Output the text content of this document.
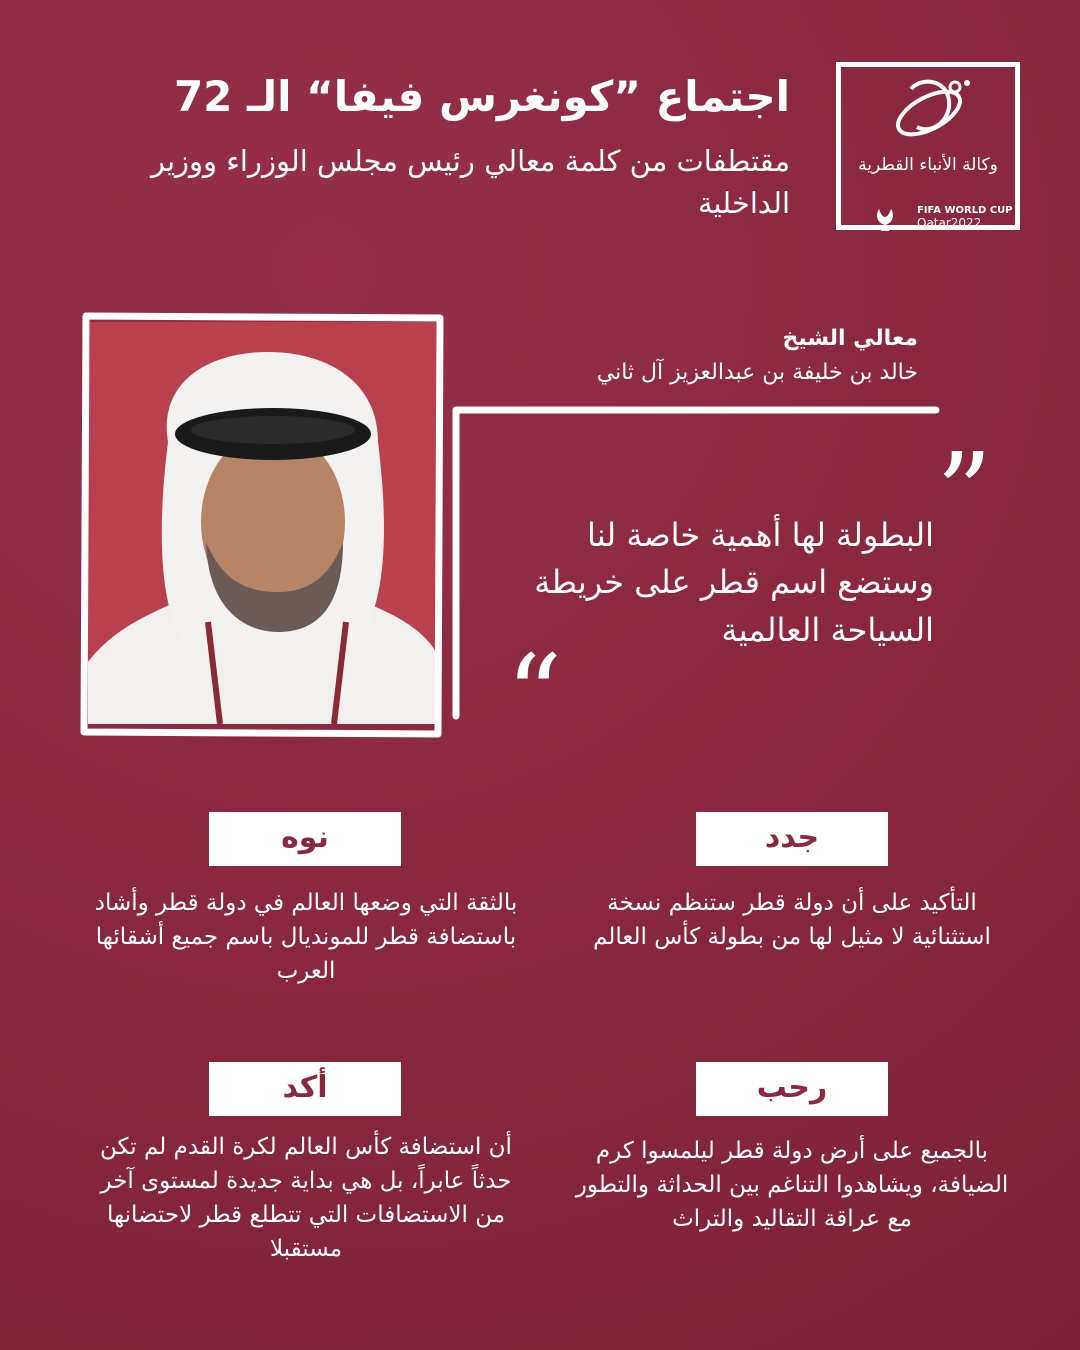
اجتماع ”كونغرس فيفا“ الـ 72
مقتطفات من كلمة معالي رئيس مجلس الوزراء ووزير الداخلية
وكالة الأنباء القطرية
FIFA WORLD CUP
Qatar2022
معالي الشيخ
خالد بن خليفة بن عبدالعزيز آل ثاني
”
البطولة لها أهمية خاصة لنا وستضع اسم قطر على خريطة السياحة العالمية
“
جدد
التأكيد على أن دولة قطر ستنظم نسخة استثنائية لا مثيل لها من بطولة كأس العالم
نوه
بالثقة التي وضعها العالم في دولة قطر وأشاد باستضافة قطر للمونديال باسم جميع أشقائها العرب
رحب
بالجميع على أرض دولة قطر ليلمسوا كرم الضيافة، ويشاهدوا التناغم بين الحداثة والتطور مع عراقة التقاليد والتراث
أكد
أن استضافة كأس العالم لكرة القدم لم تكن حدثاً عابراً، بل هي بداية جديدة لمستوى آخر من الاستضافات التي تتطلع قطر لاحتضانها مستقبلا
